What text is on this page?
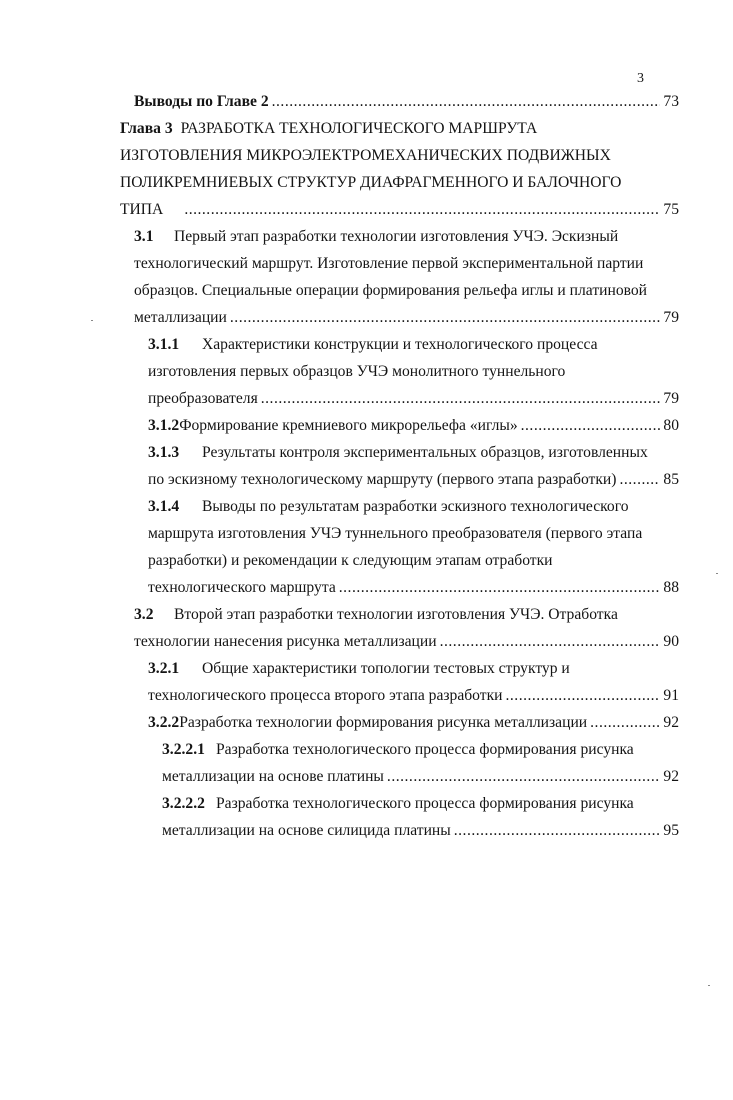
3
Выводы по Главе 2 .....	73
Глава 3 РАЗРАБОТКА ТЕХНОЛОГИЧЕСКОГО МАРШРУТА
ИЗГОТОВЛЕНИЯ МИКРОЭЛЕКТРОМЕХАНИЧЕСКИХ ПОДВИЖНЫХ
ПОЛИКРЕМНИЕВЫХ СТРУКТУР ДИАФРАГМЕННОГО И БАЛОЧНОГО
ТИПА .....	75
3.1	Первый этап разработки технологии изготовления УЧЭ. Эскизный
технологический маршрут. Изготовление первой экспериментальной партии
образцов. Специальные операции формирования рельефа иглы и платиновой
металлизации .....	79
3.1.1	Характеристики конструкции и технологического процесса
изготовления первых образцов УЧЭ монолитного туннельного
преобразователя .....	79
3.1.2 Формирование кремниевого микрорельефа «иглы» .....	80
3.1.3	Результаты контроля экспериментальных образцов, изготовленных
по эскизному технологическому маршруту (первого этапа разработки) .....	85
3.1.4	Выводы по результатам разработки эскизного технологического
маршрута изготовления УЧЭ туннельного преобразователя (первого этапа
разработки) и рекомендации к следующим этапам отработки
технологического маршрута .....	88
3.2	Второй этап разработки технологии изготовления УЧЭ. Отработка
технологии нанесения рисунка металлизации .....	90
3.2.1	Общие характеристики топологии тестовых структур и
технологического процесса второго этапа разработки .....	91
3.2.2 Разработка технологии формирования рисунка металлизации .....	92
3.2.2.1 Разработка технологического процесса формирования рисунка
металлизации на основе платины .....	92
3.2.2.2 Разработка технологического процесса формирования рисунка
металлизации на основе силицида платины .....	95
